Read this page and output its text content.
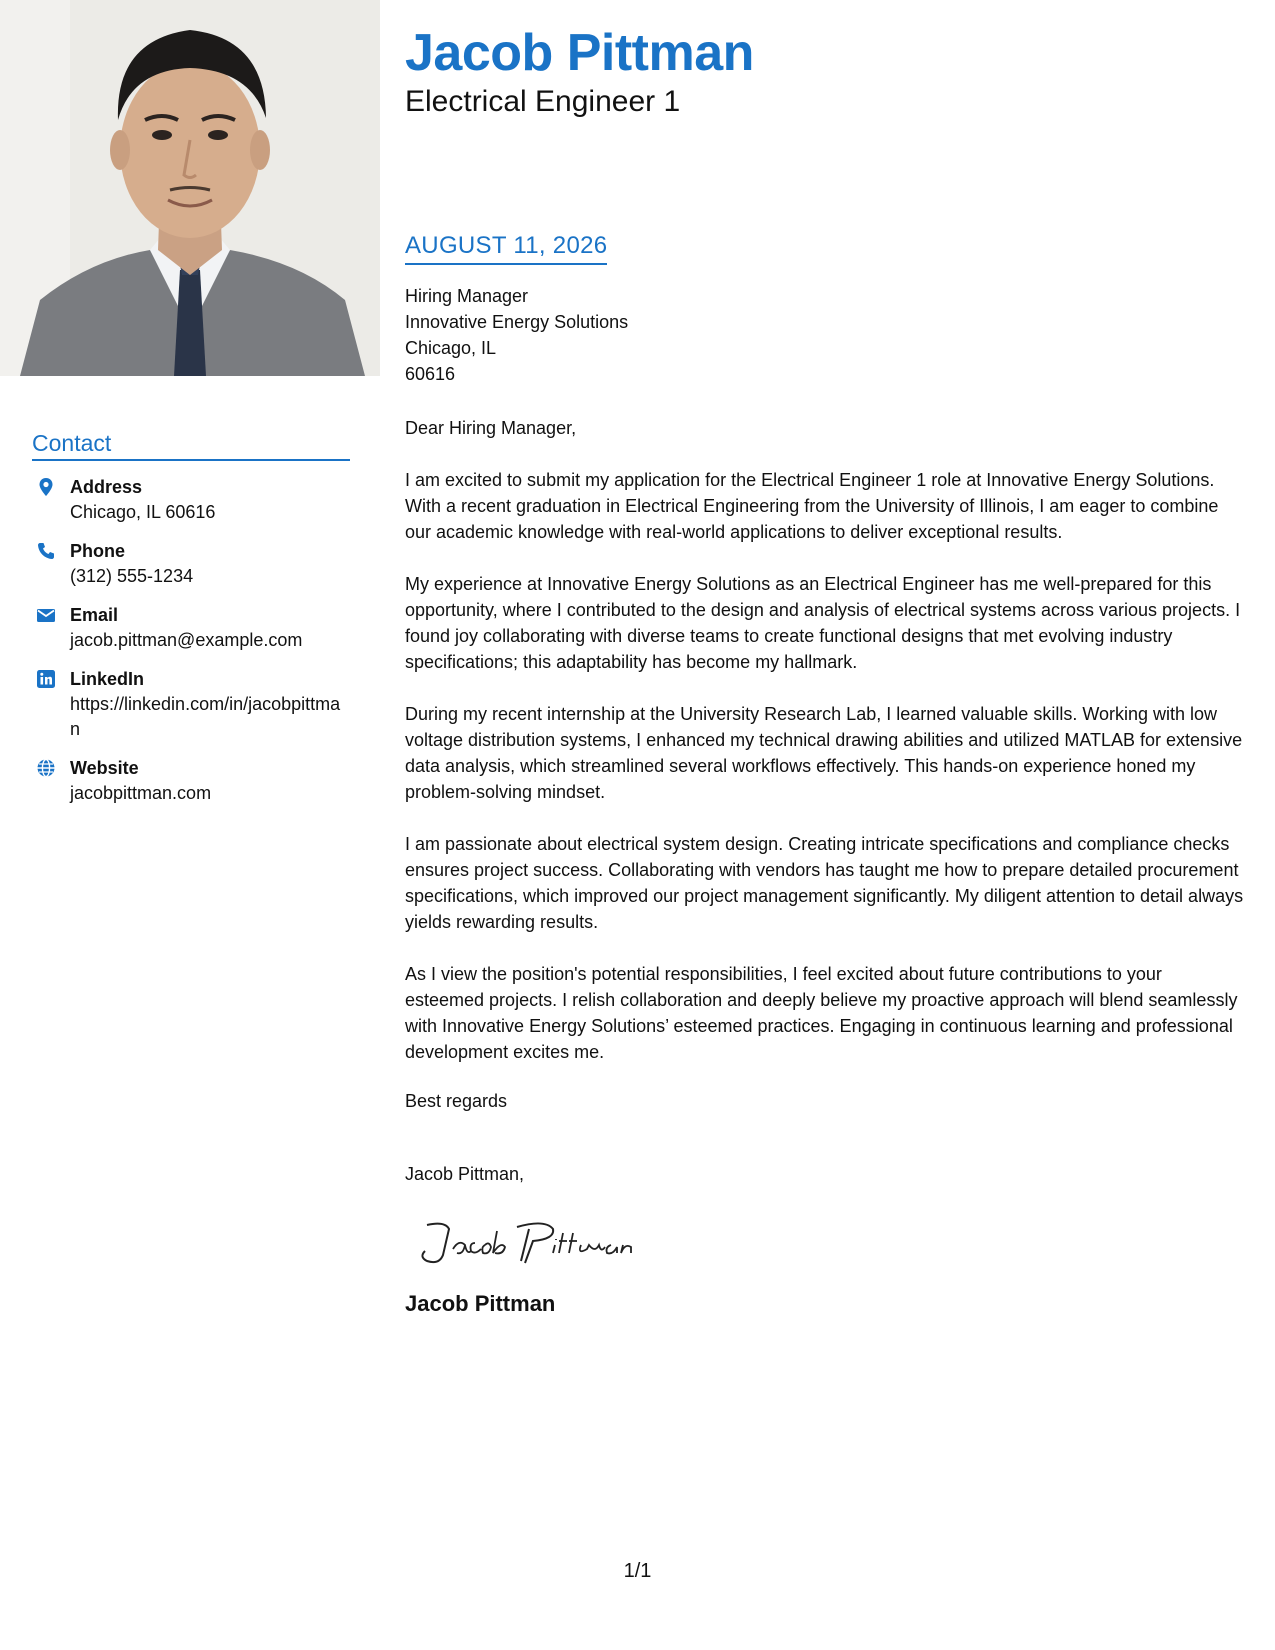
Contact
Address
Chicago, IL 60616
Phone
(312) 555-1234
Email
jacob.pittman@example.com
LinkedIn
https://linkedin.com/in/jacobpittman
Website
jacobpittman.com
Jacob Pittman

Electrical Engineer 1

AUGUST 11, 2026
Hiring Manager
Innovative Energy Solutions
Chicago, IL
60616
Dear Hiring Manager,
I am excited to submit my application for the Electrical Engineer 1 role at Innovative Energy Solutions. With a recent graduation in Electrical Engineering from the University of Illinois, I am eager to combine our academic knowledge with real-world applications to deliver exceptional results.
My experience at Innovative Energy Solutions as an Electrical Engineer has me well-prepared for this opportunity, where I contributed to the design and analysis of electrical systems across various projects. I found joy collaborating with diverse teams to create functional designs that met evolving industry specifications; this adaptability has become my hallmark.
During my recent internship at the University Research Lab, I learned valuable skills. Working with low voltage distribution systems, I enhanced my technical drawing abilities and utilized MATLAB for extensive data analysis, which streamlined several workflows effectively. This hands-on experience honed my problem-solving mindset.
I am passionate about electrical system design. Creating intricate specifications and compliance checks ensures project success. Collaborating with vendors has taught me how to prepare detailed procurement specifications, which improved our project management significantly. My diligent attention to detail always yields rewarding results.
As I view the position's potential responsibilities, I feel excited about future contributions to your esteemed projects. I relish collaboration and deeply believe my proactive approach will blend seamlessly with Innovative Energy Solutions’ esteemed practices. Engaging in continuous learning and professional development excites me.
Best regards
Jacob Pittman,
Jacob Pittman
1/1
